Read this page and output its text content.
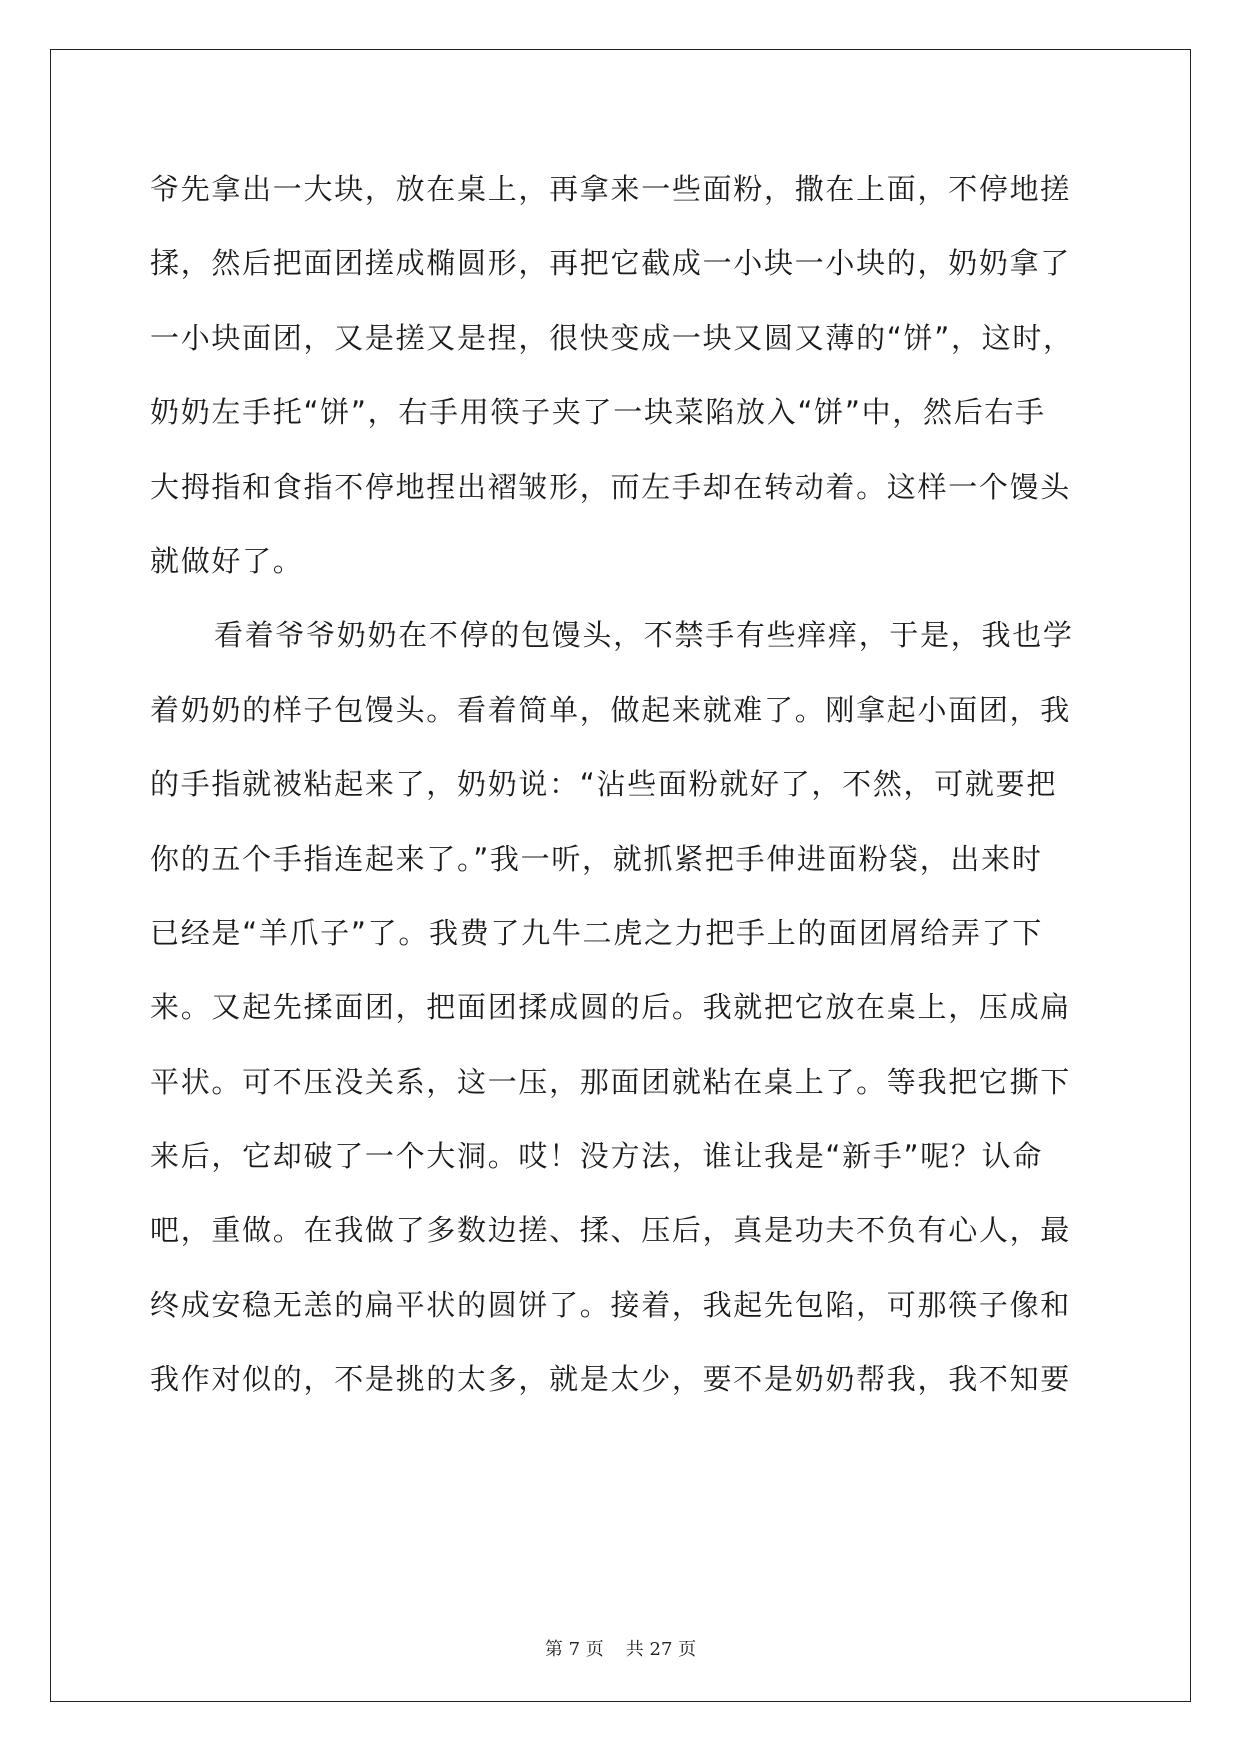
爷先拿出一大块，放在桌上，再拿来一些面粉，撒在上面，不停地搓
揉，然后把面团搓成椭圆形，再把它截成一小块一小块的，奶奶拿了
一小块面团，又是搓又是捏，很快变成一块又圆又薄的“饼”，这时，
奶奶左手托“饼”，右手用筷子夹了一块菜陷放入“饼”中，然后右手
大拇指和食指不停地捏出褶皱形，而左手却在转动着。这样一个馒头
就做好了。
看着爷爷奶奶在不停的包馒头，不禁手有些痒痒，于是，我也学
着奶奶的样子包馒头。看着简单，做起来就难了。刚拿起小面团，我
的手指就被粘起来了，奶奶说：“沾些面粉就好了，不然，可就要把
你的五个手指连起来了。”我一听，就抓紧把手伸进面粉袋，出来时
已经是“羊爪子”了。我费了九牛二虎之力把手上的面团屑给弄了下
来。又起先揉面团，把面团揉成圆的后。我就把它放在桌上，压成扁
平状。可不压没关系，这一压，那面团就粘在桌上了。等我把它撕下
来后，它却破了一个大洞。哎！没方法，谁让我是“新手”呢？认命
吧，重做。在我做了多数边搓、揉、压后，真是功夫不负有心人，最
终成安稳无恙的扁平状的圆饼了。接着，我起先包陷，可那筷子像和
我作对似的，不是挑的太多，就是太少，要不是奶奶帮我，我不知要
第 7 页 共 27 页
